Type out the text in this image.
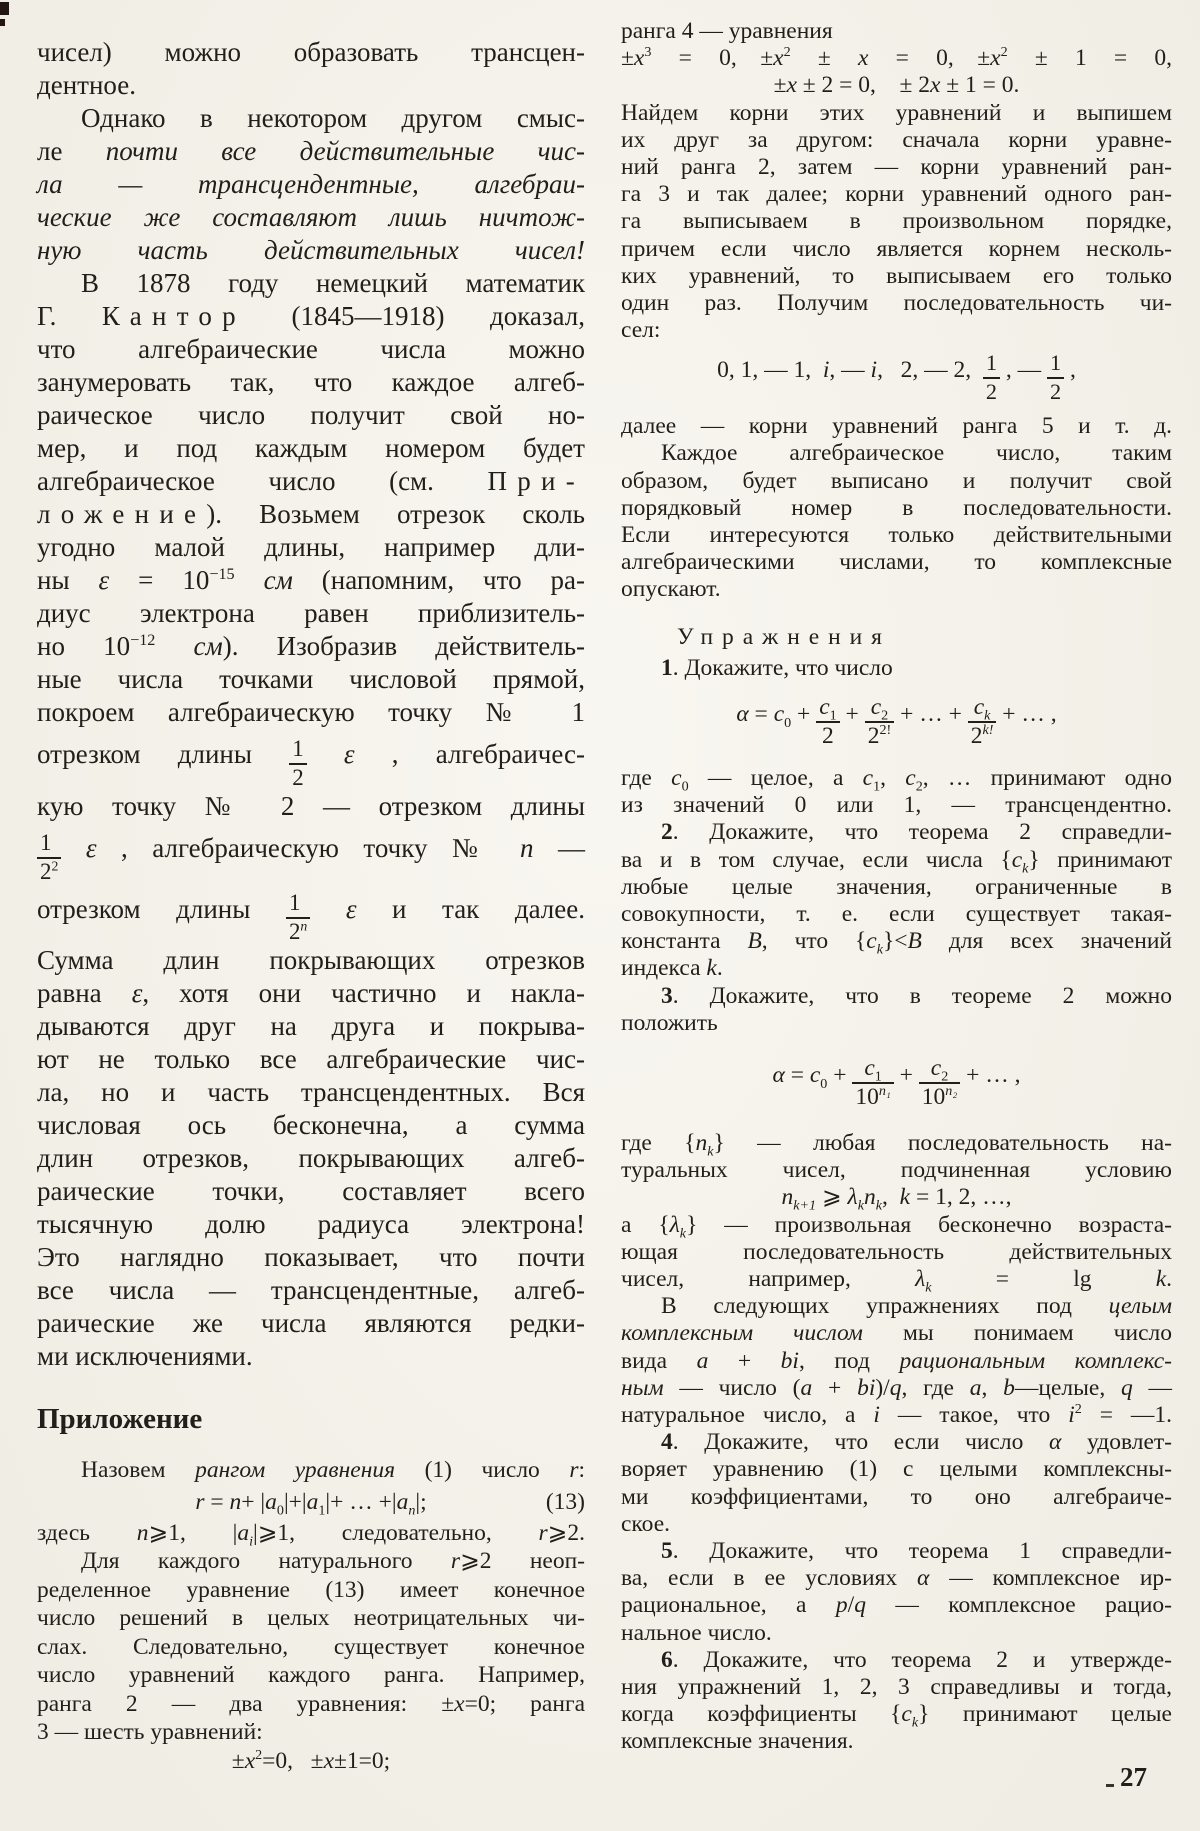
чисел) можно образовать трансцен-
дентное.
Однако в некотором другом смыс-
ле почти все действительные чис-
ла — трансцендентные, алгебраи-
ческие же составляют лишь ничтож-
ную часть действительных чисел!
В 1878 году немецкий математик
Г. Кантор (1845—1918) доказал,
что алгебраические числа можно
занумеровать так, что каждое алгеб-
раическое число получит свой но-
мер, и под каждым номером будет
алгебраическое число (см. При-
ложение). Возьмем отрезок сколь
угодно малой длины, например дли-
ны $\varepsilon = 10^{-15}$ см (напомним, что ра-
диус электрона равен приблизитель-
но $10^{-12}$ см). Изобразив действитель-
ные числа точками числовой прямой,
покроем алгебраическую точку № 1
отрезком длины $\frac{1}{2}$ ε , алгебраичес-
кую точку № 2 — отрезком длины
$\frac{1}{2^2}$ ε , алгебраическую точку № n —
отрезком длины $\frac{1}{2^n}$ ε и так далее.
Сумма длин покрывающих отрезков
равна ε, хотя они частично и накла-
дываются друг на друга и покрыва-
ют не только все алгебраические чис-
ла, но и часть трансцендентных. Вся
числовая ось бесконечна, а сумма
длин отрезков, покрывающих алгеб-
раические точки, составляет всего
тысячную долю радиуса электрона!
Это наглядно показывает, что почти
все числа — трансцендентные, алгеб-
раические же числа являются редки-
ми исключениями.
Приложение
Назовем рангом уравнения (1) число r:
$r = n+ |a_0|+|a_1|+$ … $+|a_n|$;	(13)
здесь n⩾1, $|a_i|⩾1$, следовательно, r⩾2.
Для каждого натурального r⩾2 неоп-
ределенное уравнение (13) имеет конечное
число решений в целых неотрицательных чи-
слах. Следовательно, существует конечное
число уравнений каждого ранга. Например,
ранга 2 — два уравнения: ±x=0; ранга
3 — шесть уравнений:
$\pm x^2=0$,  ±x±1=0;
ранга 4 — уравнения
$\pm x^3 = 0$,  $\pm x^2 \pm x = 0$,  $\pm x^2 \pm 1 = 0$,
±x ± 2 = 0,  ± 2x ± 1 = 0.
Найдем корни этих уравнений и выпишем
их друг за другом: сначала корни уравне-
ний ранга 2, затем — корни уравнений ран-
га 3 и так далее; корни уравнений одного ран-
га выписываем в произвольном порядке,
причем если число является корнем несколь-
ких уравнений, то выписываем его только
один раз. Получим последовательность чи-
сел:
0, 1, — 1, i, — i,  2, — 2,  $\frac{1}{2}$ , — $\frac{1}{2}$ ,
далее — корни уравнений ранга 5 и т. д.
Каждое алгебраическое число, таким
образом, будет выписано и получит свой
порядковый номер в последовательности.
Если интересуются только действительными
алгебраическими числами, то комплексные
опускают.
Упражнения
1. Докажите, что число
$\alpha = c_0 + \frac{c_1}{2} + \frac{c_2}{2^{2!}}$ + … + $\frac{c_k}{2^{k!}}$ + … ,
где $c_0$ — целое, а $c_1$, $c_2$, … принимают одно
из значений 0 или 1, — трансцендентно.
2. Докажите, что теорема 2 справедли-
ва и в том случае, если числа $\{c_k\}$ принимают
любые целые значения, ограниченные в
совокупности, т. е. если существует такая-
константа B, что $\{c_k\}<B$ для всех значений
индекса k.
3. Докажите, что в теореме 2 можно
положить
$\alpha = c_0 + \frac{c_1}{10^{n_1}} + \frac{c_2}{10^{n_2}}$ + … ,
где $\{n_k\}$ — любая последовательность на-
туральных чисел, подчиненная условию
$n_{k+1}$ ⩾ $\lambda_kn_k$, k = 1, 2, …,
а $\{\lambda_k\}$ — произвольная бесконечно возраста-
ющая последовательность действительных
чисел, например, $\lambda_k = \lg k$.
В следующих упражнениях под целым
комплексным числом мы понимаем число
вида a + bi, под рациональным комплекс-
ным — число (a + bi)/q, где a, b—целые, q —
натуральное число, а i — такое, что $i^2$ = —1.
4. Докажите, что если число α удовлет-
воряет уравнению (1) с целыми комплексны-
ми коэффициентами, то оно алгебраиче-
ское.
5. Докажите, что теорема 1 справедли-
ва, если в ее условиях α — комплексное ир-
рациональное, а p/q — комплексное рацио-
нальное число.
6. Докажите, что теорема 2 и утвержде-
ния упражнений 1, 2, 3 справедливы и тогда,
когда коэффициенты $\{c_k\}$ принимают целые
комплексные значения.
27
